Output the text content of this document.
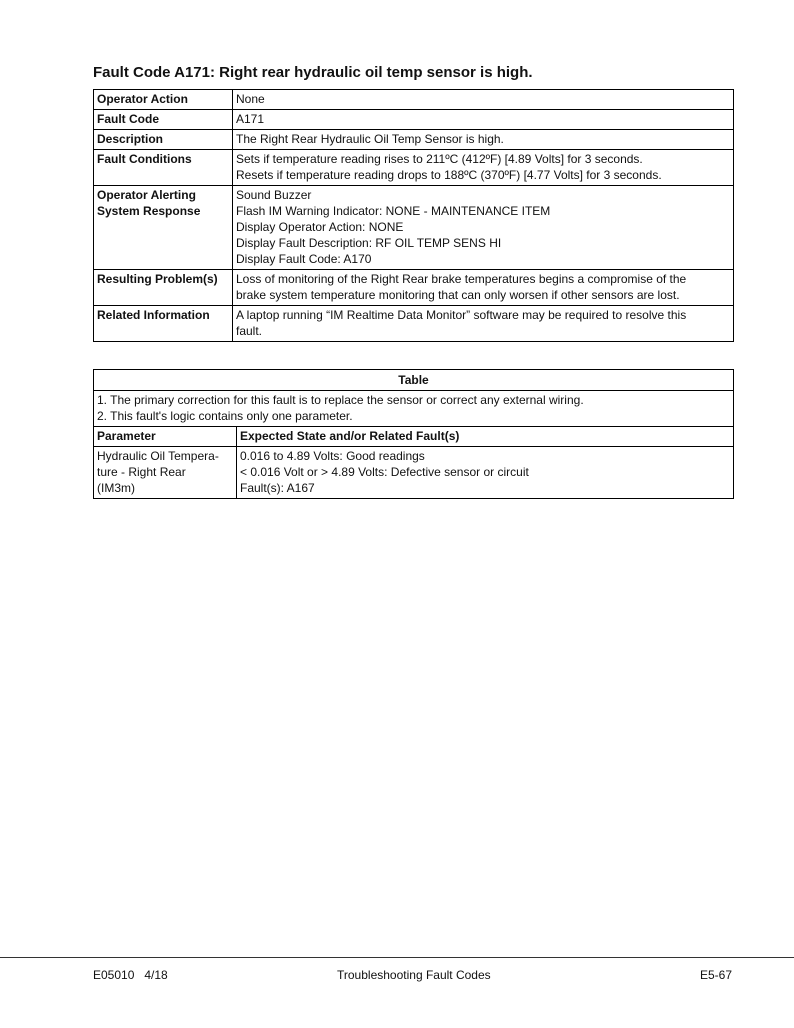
Fault Code A171: Right rear hydraulic oil temp sensor is high.
Operator Action	None

Fault Code	A171

Description	The Right Rear Hydraulic Oil Temp Sensor is high.

Fault Conditions	Sets if temperature reading rises to 211ºC (412ºF) [4.89 Volts] for 3 seconds.
Resets if temperature reading drops to 188ºC (370ºF) [4.77 Volts] for 3 seconds.

Operator Alerting
System Response	Sound Buzzer
Flash IM Warning Indicator: NONE - MAINTENANCE ITEM
Display Operator Action: NONE
Display Fault Description: RF OIL TEMP SENS HI
Display Fault Code: A170

Resulting Problem(s)	Loss of monitoring of the Right Rear brake temperatures begins a compromise of the
brake system temperature monitoring that can only worsen if other sensors are lost.

Related Information	A laptop running “IM Realtime Data Monitor” software may be required to resolve this
fault.
Table	

1. The primary correction for this fault is to replace the sensor or correct any external wiring.
2. This fault's logic contains only one parameter.	

Parameter	Expected State and/or Related Fault(s)

Hydraulic Oil Tempera-
ture - Right Rear
(IM3m)	0.016 to 4.89 Volts: Good readings
< 0.016 Volt or > 4.89 Volts: Defective sensor or circuit
Fault(s): A167
E05010   4/18	Troubleshooting Fault Codes	E5-67
